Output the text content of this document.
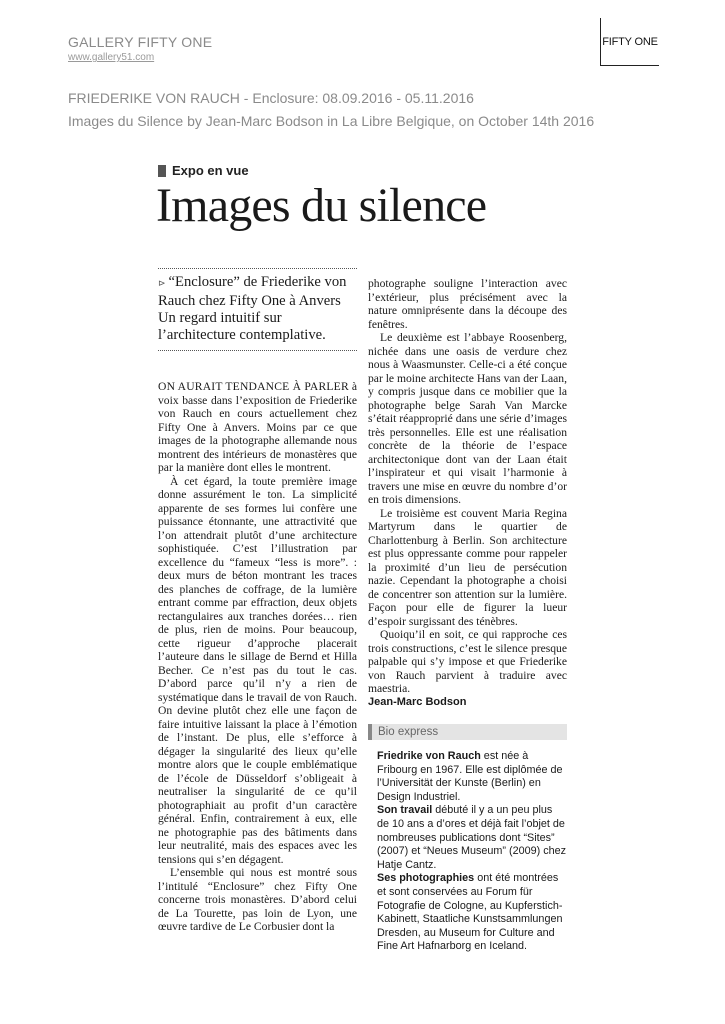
GALLERY FIFTY ONE
www.gallery51.com
FRIEDERIKE VON RAUCH - Enclosure: 08.09.2016 - 05.11.2016
Images du Silence by Jean-Marc Bodson in La Libre Belgique, on October 14th 2016
FIFTY ONE
Expo en vue
Images du silence
⊳ “Enclosure” de Friederike von Rauch chez Fifty One à Anvers Un regard intuitif sur l’architecture contemplative.

ON AURAIT TENDANCE À PARLER à voix basse dans l’exposition de Friederike von Rauch en cours actuellement chez Fifty One à Anvers. Moins par ce que images de la photographe allemande nous montrent des intérieurs de monastères que par la manière dont elles le montrent.

À cet égard, la toute première image donne assurément le ton. La simplicité apparente de ses formes lui confère une puissance étonnante, une attractivité que l’on attendrait plutôt d’une architecture sophistiquée. C’est l’illustration par excellence du “fameux “less is more”. : deux murs de béton montrant les traces des planches de coffrage, de la lumière entrant comme par effraction, deux objets rectangulaires aux tranches dorées… rien de plus, rien de moins. Pour beaucoup, cette rigueur d’approche placerait l’auteure dans le sillage de Bernd et Hilla Becher. Ce n’est pas du tout le cas. D’abord parce qu’il n’y a rien de systématique dans le travail de von Rauch. On devine plutôt chez elle une façon de faire intuitive laissant la place à l’émotion de l’instant. De plus, elle s’efforce à dégager la singularité des lieux qu’elle montre alors que le couple emblématique de l’école de Düsseldorf s’obligeait à neutraliser la singularité de ce qu’il photographiait au profit d’un caractère général. Enfin, contrairement à eux, elle ne photographie pas des bâtiments dans leur neutralité, mais des espaces avec les tensions qui s’en dégagent.

L’ensemble qui nous est montré sous l’intitulé “Enclosure” chez Fifty One concerne trois monastères. D’abord celui de La Tourette, pas loin de Lyon, une œuvre tardive de Le Corbusier dont la

photographe souligne l’interaction avec l’extérieur, plus précisément avec la nature omniprésente dans la découpe des fenêtres.

Le deuxième est l’abbaye Roosenberg, nichée dans une oasis de verdure chez nous à Waasmunster. Celle-ci a été conçue par le moine architecte Hans van der Laan, y compris jusque dans ce mobilier que la photographe belge Sarah Van Marcke s’était réapproprié dans une série d’images très personnelles. Elle est une réalisation concrète de la théorie de l’espace architectonique dont van der Laan était l’inspirateur et qui visait l’harmonie à travers une mise en œuvre du nombre d’or en trois dimensions.

Le troisième est couvent Maria Regina Martyrum dans le quartier de Charlottenburg à Berlin. Son architecture est plus oppressante comme pour rappeler la proximité d’un lieu de persécution nazie. Cependant la photographe a choisi de concentrer son attention sur la lumière. Façon pour elle de figurer la lueur d’espoir surgissant des ténèbres.

Quoiqu’il en soit, ce qui rapproche ces trois constructions, c’est le silence presque palpable qui s’y impose et que Friederike von Rauch parvient à traduire avec maestria.

Jean-Marc Bodson

Bio express

Friedrike von Rauch est née à Fribourg en 1967. Elle est diplômée de l’Universität der Kunste (Berlin) en Design Industriel.

Son travail débuté il y a un peu plus de 10 ans a d’ores et déjà fait l’objet de nombreuses publications dont “Sites” (2007) et “Neues Museum” (2009) chez Hatje Cantz.

Ses photographies ont été montrées et sont conservées au Forum für Fotografie de Cologne, au Kupferstich-Kabinett, Staatliche Kunstsammlungen Dresden, au Museum for Culture and Fine Art Hafnarborg en Iceland.
